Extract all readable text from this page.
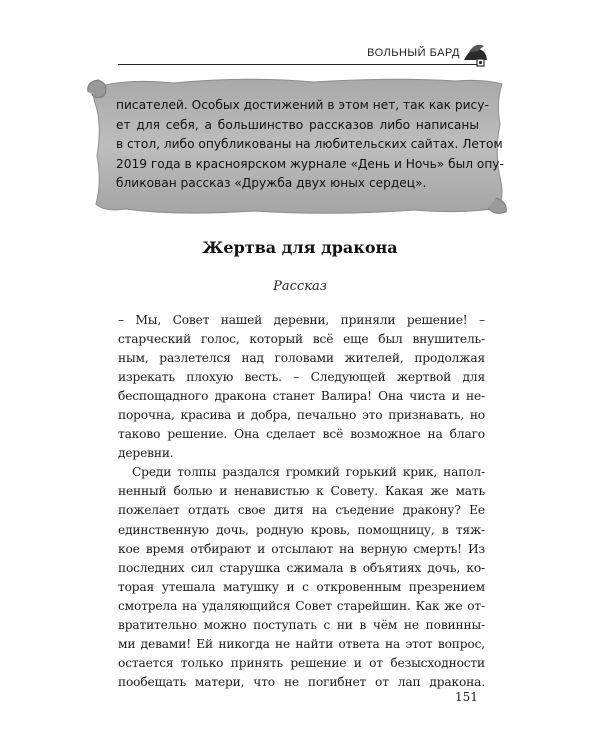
ВОЛЬНЫЙ БАРД
писателей. Особых достижений в этом нет, так как рису-
ет для себя, а большинство рассказов либо написаны
в стол, либо опубликованы на любительских сайтах. Летом
2019 года в красноярском журнале «День и Ночь» был опу-
бликован рассказ «Дружба двух юных сердец».
Жертва для дракона
Рассказ
– Мы, Совет нашей деревни, приняли решение! –
старческий голос, который всё еще был внушитель-
ным, разлетелся над головами жителей, продолжая
изрекать плохую весть. – Следующей жертвой для
беспощадного дракона станет Валира! Она чиста и не-
порочна, красива и добра, печально это признавать, но
таково решение. Она сделает всё возможное на благо
деревни.
Среди толпы раздался громкий горький крик, напол-
ненный болью и ненавистью к Совету. Какая же мать
пожелает отдать свое дитя на съедение дракону? Ее
единственную дочь, родную кровь, помощницу, в тяж-
кое время отбирают и отсылают на верную смерть! Из
последних сил старушка сжимала в объятиях дочь, ко-
торая утешала матушку и с откровенным презрением
смотрела на удаляющийся Совет старейшин. Как же от-
вратительно можно поступать с ни в чём не повинны-
ми девами! Ей никогда не найти ответа на этот вопрос,
остается только принять решение и от безысходности
пообещать матери, что не погибнет от лап дракона.
151
